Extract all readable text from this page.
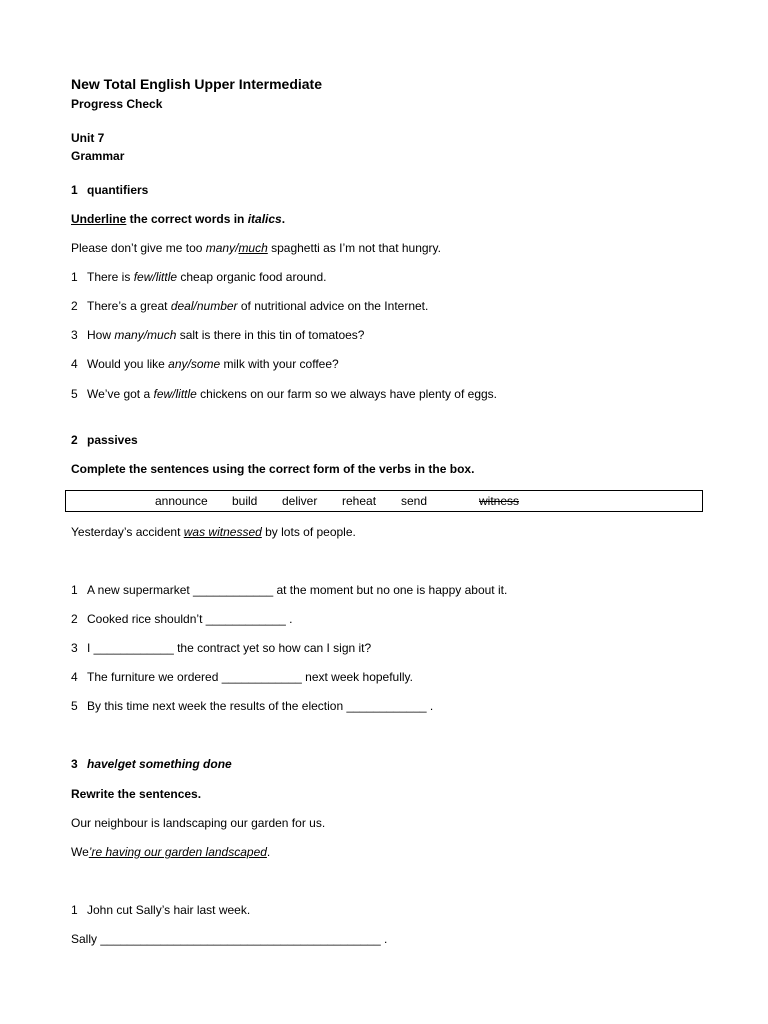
New Total English Upper Intermediate
Progress Check
Unit 7
Grammar
1 quantifiers
Underline the correct words in italics.
Please don’t give me too many/much spaghetti as I’m not that hungry.
1 There is few/little cheap organic food around.
2 There’s a great deal/number of nutritional advice on the Internet.
3 How many/much salt is there in this tin of tomatoes?
4 Would you like any/some milk with your coffee?
5 We’ve got a few/little chickens on our farm so we always have plenty of eggs.
2 passives
Complete the sentences using the correct form of the verbs in the box.
announce build deliver reheat send	witness
Yesterday’s accident was witnessed by lots of people.
1 A new supermarket ____________ at the moment but no one is happy about it.
2 Cooked rice shouldn’t ____________ .
3 I ____________ the contract yet so how can I sign it?
4 The furniture we ordered ____________ next week hopefully.
5 By this time next week the results of the election ____________ .
3 have/get something done
Rewrite the sentences.
Our neighbour is landscaping our garden for us.
We’re having our garden landscaped.
1 John cut Sally’s hair last week.
Sally __________________________________________ .
